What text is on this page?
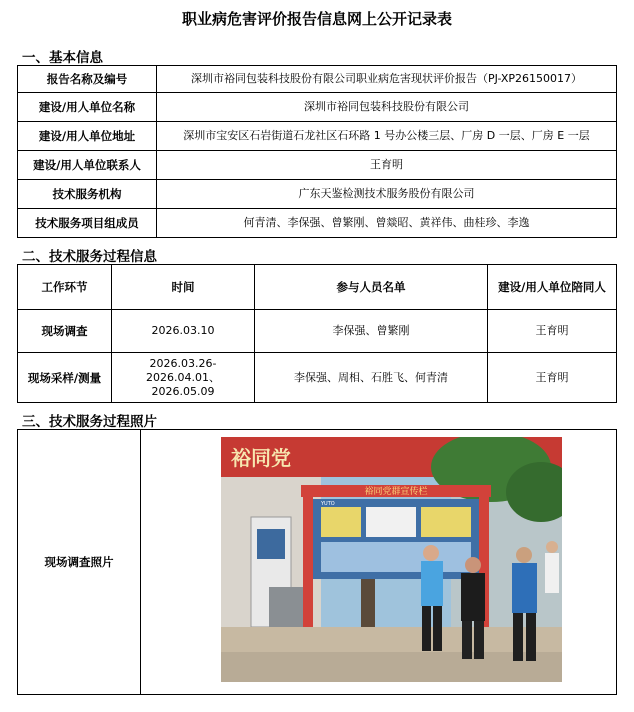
职业病危害评价报告信息网上公开记录表
一、基本信息
报告名称及编号	深圳市裕同包装科技股份有限公司职业病危害现状评价报告（PJ-XP26150017）
建设/用人单位名称	深圳市裕同包装科技股份有限公司
建设/用人单位地址	深圳市宝安区石岩街道石龙社区石环路 1 号办公楼三层、厂房 D 一层、厂房 E 一层
建设/用人单位联系人	王育明
技术服务机构	广东天鉴检测技术服务股份有限公司
技术服务项目组成员	何青清、李保强、曾繁刚、曾燚昭、黄祥伟、曲桂珍、李逸
二、技术服务过程信息
工作环节	时间	参与人员名单	建设/用人单位陪同人
现场调查	2026.03.10	李保强、曾繁刚	王育明
现场采样/测量	2026.03.26-2026.04.01、2026.05.09	李保强、周相、石胜飞、何青清	王育明
三、技术服务过程照片
现场调查照片	
裕同党群宣传栏
YUTO
裕同党
